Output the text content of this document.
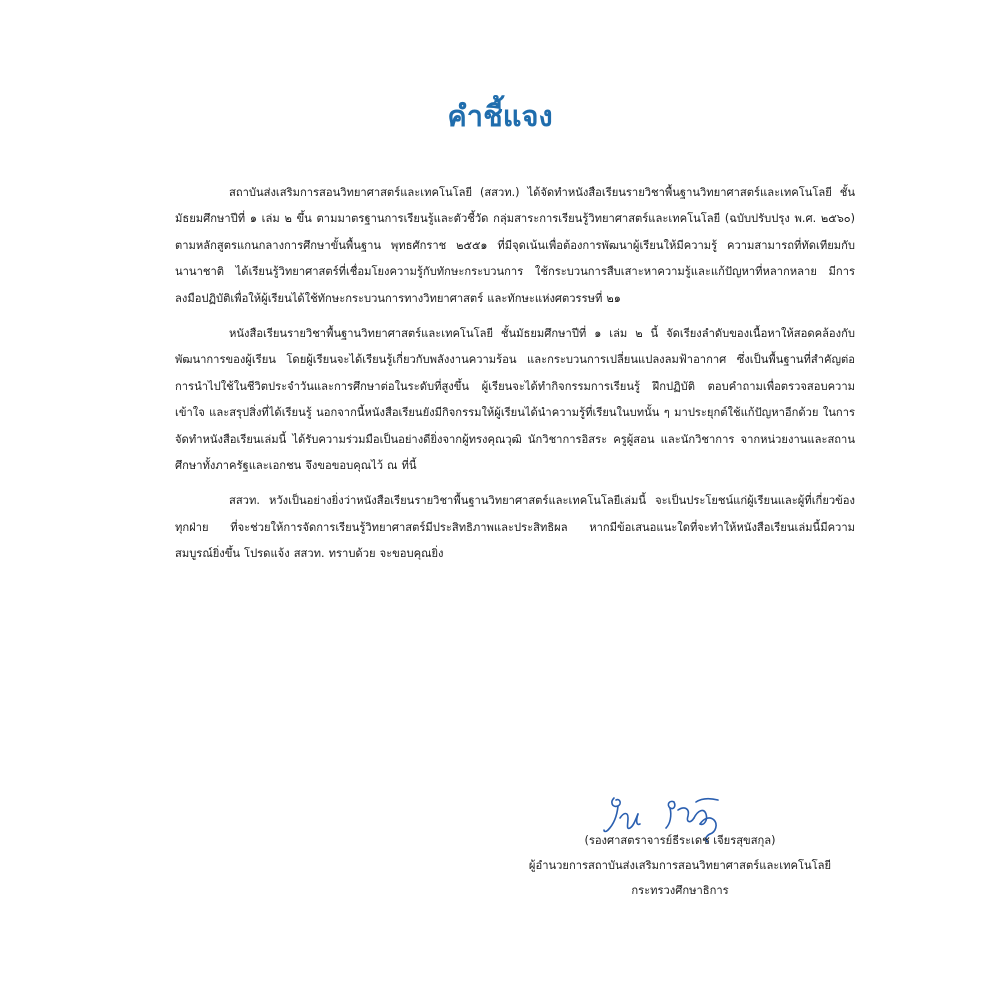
คำชี้แจง

สถาบันส่งเสริมการสอนวิทยาศาสตร์และเทคโนโลยี (สสวท.) ได้จัดทำหนังสือเรียนรายวิชาพื้นฐานวิทยาศาสตร์และเทคโนโลยี ชั้นมัธยมศึกษาปีที่ ๑ เล่ม ๒ ขึ้น ตามมาตรฐานการเรียนรู้และตัวชี้วัด กลุ่มสาระการเรียนรู้วิทยาศาสตร์และเทคโนโลยี (ฉบับปรับปรุง พ.ศ. ๒๕๖๐) ตามหลักสูตรแกนกลางการศึกษาขั้นพื้นฐาน พุทธศักราช ๒๕๕๑ ที่มีจุดเน้นเพื่อต้องการพัฒนาผู้เรียนให้มีความรู้ ความสามารถที่ทัดเทียมกับนานาชาติ ได้เรียนรู้วิทยาศาสตร์ที่เชื่อมโยงความรู้กับทักษะกระบวนการ ใช้กระบวนการสืบเสาะหาความรู้และแก้ปัญหาที่หลากหลาย มีการลงมือปฏิบัติเพื่อให้ผู้เรียนได้ใช้ทักษะกระบวนการทางวิทยาศาสตร์ และทักษะแห่งศตวรรษที่ ๒๑

หนังสือเรียนรายวิชาพื้นฐานวิทยาศาสตร์และเทคโนโลยี ชั้นมัธยมศึกษาปีที่ ๑ เล่ม ๒ นี้ จัดเรียงลำดับของเนื้อหาให้สอดคล้องกับพัฒนาการของผู้เรียน โดยผู้เรียนจะได้เรียนรู้เกี่ยวกับพลังงานความร้อน และกระบวนการเปลี่ยนแปลงลมฟ้าอากาศ ซึ่งเป็นพื้นฐานที่สำคัญต่อการนำไปใช้ในชีวิตประจำวันและการศึกษาต่อในระดับที่สูงขึ้น ผู้เรียนจะได้ทำกิจกรรมการเรียนรู้ ฝึกปฏิบัติ ตอบคำถามเพื่อตรวจสอบความเข้าใจ และสรุปสิ่งที่ได้เรียนรู้ นอกจากนี้หนังสือเรียนยังมีกิจกรรมให้ผู้เรียนได้นำความรู้ที่เรียนในบทนั้น ๆ มาประยุกต์ใช้แก้ปัญหาอีกด้วย ในการจัดทำหนังสือเรียนเล่มนี้ ได้รับความร่วมมือเป็นอย่างดียิ่งจากผู้ทรงคุณวุฒิ นักวิชาการอิสระ ครูผู้สอน และนักวิชาการ จากหน่วยงานและสถานศึกษาทั้งภาครัฐและเอกชน จึงขอขอบคุณไว้ ณ ที่นี้

สสวท. หวังเป็นอย่างยิ่งว่าหนังสือเรียนรายวิชาพื้นฐานวิทยาศาสตร์และเทคโนโลยีเล่มนี้ จะเป็นประโยชน์แก่ผู้เรียนและผู้ที่เกี่ยวข้องทุกฝ่าย ที่จะช่วยให้การจัดการเรียนรู้วิทยาศาสตร์มีประสิทธิภาพและประสิทธิผล หากมีข้อเสนอแนะใดที่จะทำให้หนังสือเรียนเล่มนี้มีความสมบูรณ์ยิ่งขึ้น โปรดแจ้ง สสวท. ทราบด้วย จะขอบคุณยิ่ง

(รองศาสตราจารย์ธีระเดช เจียรสุขสกุล)

ผู้อำนวยการสถาบันส่งเสริมการสอนวิทยาศาสตร์และเทคโนโลยี

กระทรวงศึกษาธิการ
